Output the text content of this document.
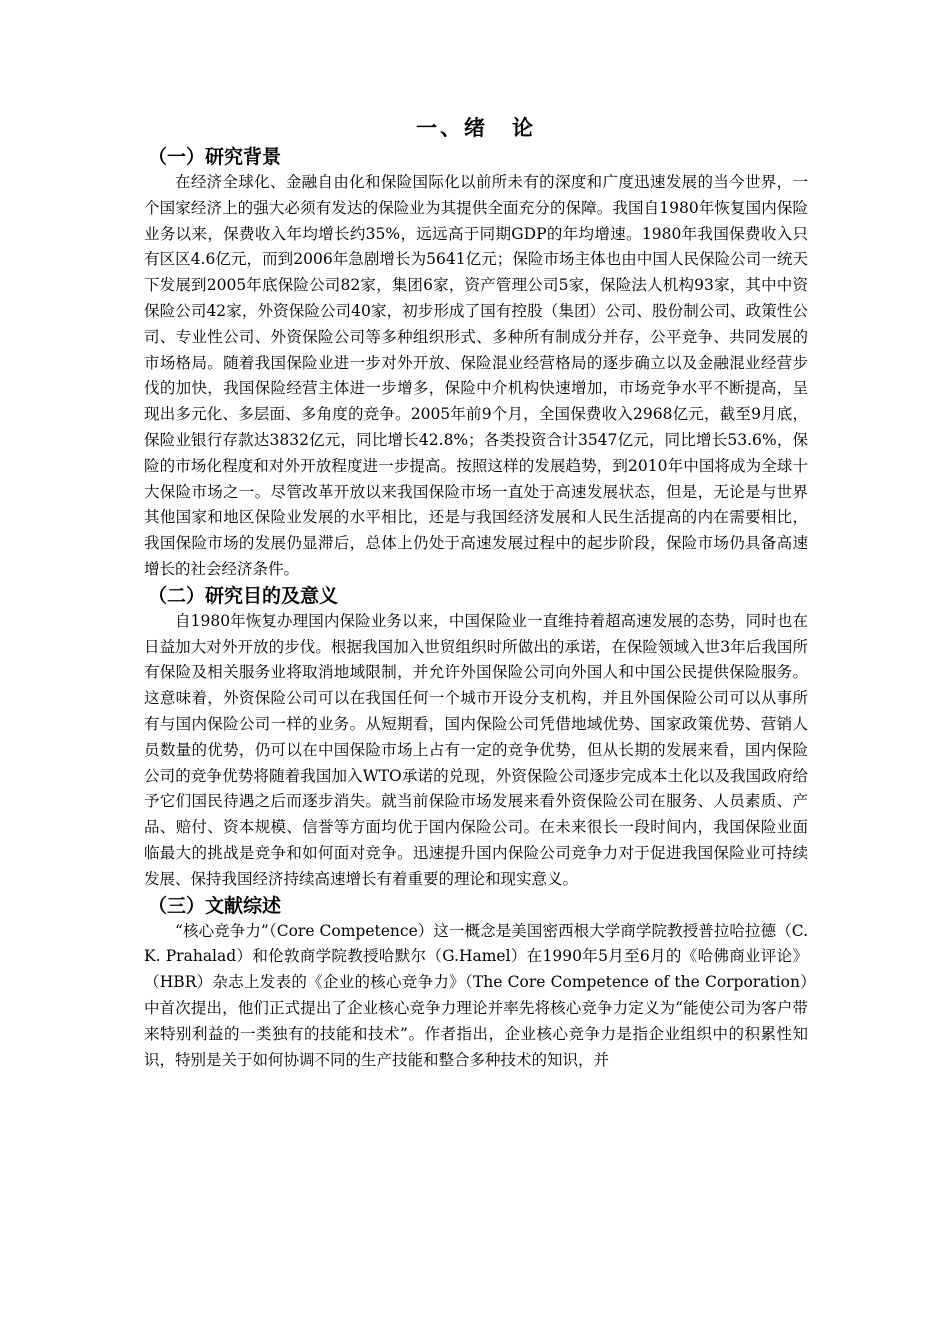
一、绪　论
（一）研究背景

在经济全球化、金融自由化和保险国际化以前所未有的深度和广度迅速发展的当今世界，一个国家经济上的强大必须有发达的保险业为其提供全面充分的保障。我国自1980年恢复国内保险业务以来，保费收入年均增长约35%，远远高于同期GDP的年均增速。1980年我国保费收入只有区区4.6亿元，而到2006年急剧增长为5641亿元；保险市场主体也由中国人民保险公司一统天下发展到2005年底保险公司82家，集团6家，资产管理公司5家，保险法人机构93家，其中中资保险公司42家，外资保险公司40家，初步形成了国有控股（集团）公司、股份制公司、政策性公司、专业性公司、外资保险公司等多种组织形式、多种所有制成分并存，公平竞争、共同发展的市场格局。随着我国保险业进一步对外开放、保险混业经营格局的逐步确立以及金融混业经营步伐的加快，我国保险经营主体进一步增多，保险中介机构快速增加，市场竞争水平不断提高，呈现出多元化、多层面、多角度的竞争。2005年前9个月，全国保费收入2968亿元，截至9月底，保险业银行存款达3832亿元，同比增长42.8%；各类投资合计3547亿元，同比增长53.6%，保险的市场化程度和对外开放程度进一步提高。按照这样的发展趋势，到2010年中国将成为全球十大保险市场之一。尽管改革开放以来我国保险市场一直处于高速发展状态，但是，无论是与世界其他国家和地区保险业发展的水平相比，还是与我国经济发展和人民生活提高的内在需要相比，我国保险市场的发展仍显滞后，总体上仍处于高速发展过程中的起步阶段，保险市场仍具备高速增长的社会经济条件。

（二）研究目的及意义

自1980年恢复办理国内保险业务以来，中国保险业一直维持着超高速发展的态势，同时也在日益加大对外开放的步伐。根据我国加入世贸组织时所做出的承诺，在保险领域入世3年后我国所有保险及相关服务业将取消地域限制，并允许外国保险公司向外国人和中国公民提供保险服务。这意味着，外资保险公司可以在我国任何一个城市开设分支机构，并且外国保险公司可以从事所有与国内保险公司一样的业务。从短期看，国内保险公司凭借地域优势、国家政策优势、营销人员数量的优势，仍可以在中国保险市场上占有一定的竞争优势，但从长期的发展来看，国内保险公司的竞争优势将随着我国加入WTO承诺的兑现，外资保险公司逐步完成本土化以及我国政府给予它们国民待遇之后而逐步消失。就当前保险市场发展来看外资保险公司在服务、人员素质、产品、赔付、资本规模、信誉等方面均优于国内保险公司。在未来很长一段时间内，我国保险业面临最大的挑战是竞争和如何面对竞争。迅速提升国内保险公司竞争力对于促进我国保险业可持续发展、保持我国经济持续高速增长有着重要的理论和现实意义。

（三）文献综述

“核心竞争力”（Core Competence）这一概念是美国密西根大学商学院教授普拉哈拉德（C.K. Prahalad）和伦敦商学院教授哈默尔（G.Hamel）在1990年5月至6月的《哈佛商业评论》（HBR）杂志上发表的《企业的核心竞争力》（The Core Competence of the Corporation）中首次提出，他们正式提出了企业核心竞争力理论并率先将核心竞争力定义为“能使公司为客户带来特别利益的一类独有的技能和技术”。作者指出，企业核心竞争力是指企业组织中的积累性知识，特别是关于如何协调不同的生产技能和整合多种技术的知识，并
